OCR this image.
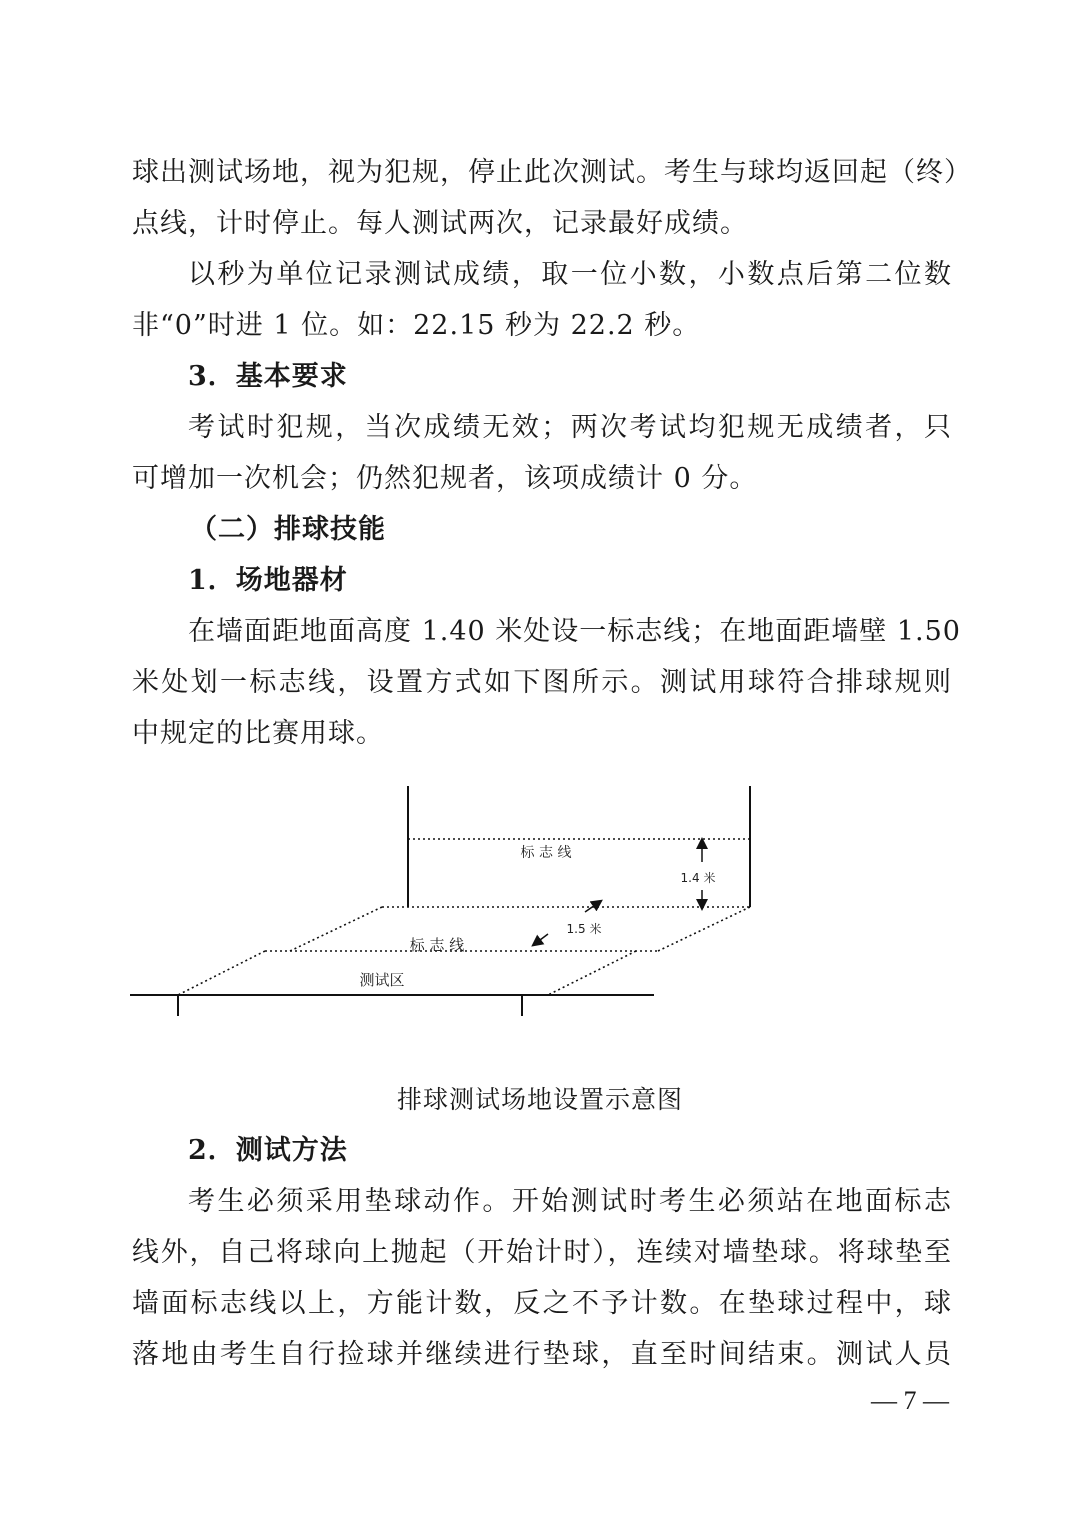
球出测试场地，视为犯规，停止此次测试。考生与球均返回起（终）
点线，计时停止。每人测试两次，记录最好成绩。
以秒为单位记录测试成绩，取一位小数，小数点后第二位数
非“0”时进 1 位。如：22.15 秒为 22.2 秒。
3．基本要求
考试时犯规，当次成绩无效；两次考试均犯规无成绩者，只
可增加一次机会；仍然犯规者，该项成绩计 0 分。
（二）排球技能
1．场地器材
在墙面距地面高度 1.40 米处设一标志线；在地面距墙壁 1.50
米处划一标志线，设置方式如下图所示。测试用球符合排球规则
中规定的比赛用球。
标 志 线
1.4 米
1.5 米
标 志 线
测试区
排球测试场地设置示意图
2．测试方法
考生必须采用垫球动作。开始测试时考生必须站在地面标志
线外，自己将球向上抛起（开始计时），连续对墙垫球。将球垫至
墙面标志线以上，方能计数，反之不予计数。在垫球过程中，球
落地由考生自行捡球并继续进行垫球，直至时间结束。测试人员
— 7 —
